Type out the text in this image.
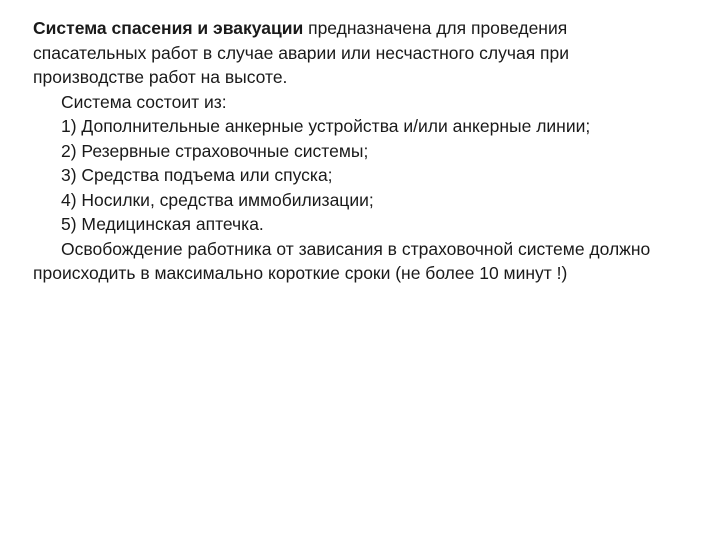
Система спасения и эвакуации предназначена для проведения спасательных работ в случае аварии или несчастного случая при производстве работ на высоте.

Система состоит из:

1) Дополнительные анкерные устройства и/или анкерные линии;

2) Резервные страховочные системы;

3) Средства подъема или спуска;

4) Носилки, средства иммобилизации;

5) Медицинская аптечка.

Освобождение работника от зависания в страховочной системе должно происходить в максимально короткие сроки (не более 10 минут !)
